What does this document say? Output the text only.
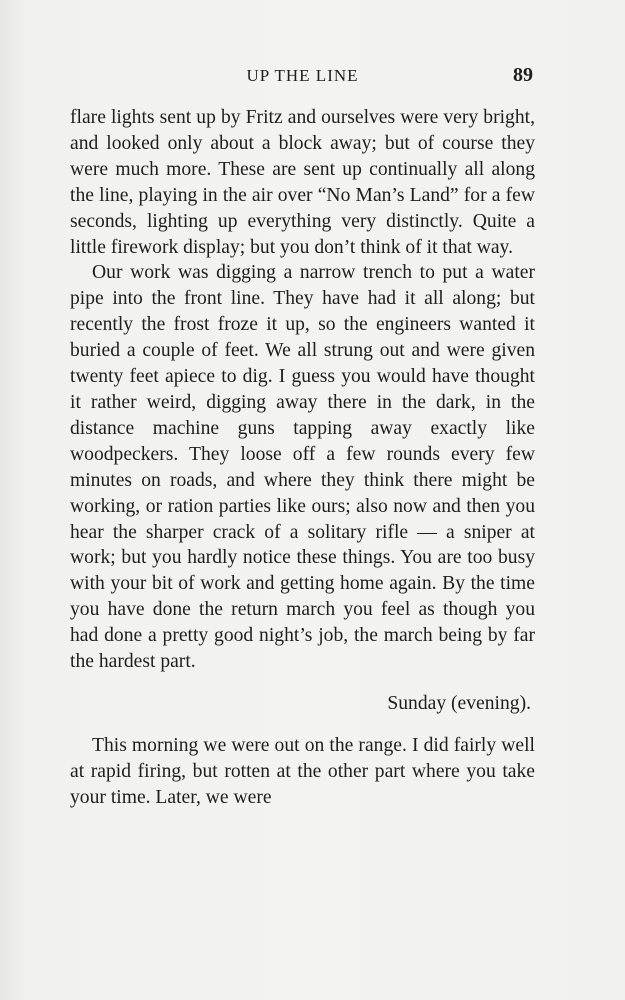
UP THE LINE	89

flare lights sent up by Fritz and ourselves were very bright, and looked only about a block away; but of course they were much more. These are sent up continually all along the line, playing in the air over “No Man’s Land” for a few seconds, lighting up everything very distinctly. Quite a little firework display; but you don’t think of it that way.

Our work was digging a narrow trench to put a water pipe into the front line. They have had it all along; but recently the frost froze it up, so the engineers wanted it buried a couple of feet. We all strung out and were given twenty feet apiece to dig. I guess you would have thought it rather weird, digging away there in the dark, in the distance machine guns tapping away exactly like woodpeckers. They loose off a few rounds every few minutes on roads, and where they think there might be working, or ration parties like ours; also now and then you hear the sharper crack of a solitary rifle — a sniper at work; but you hardly notice these things. You are too busy with your bit of work and getting home again. By the time you have done the return march you feel as though you had done a pretty good night’s job, the march being by far the hardest part.

Sunday (evening).

This morning we were out on the range. I did fairly well at rapid firing, but rotten at the other part where you take your time. Later, we were
